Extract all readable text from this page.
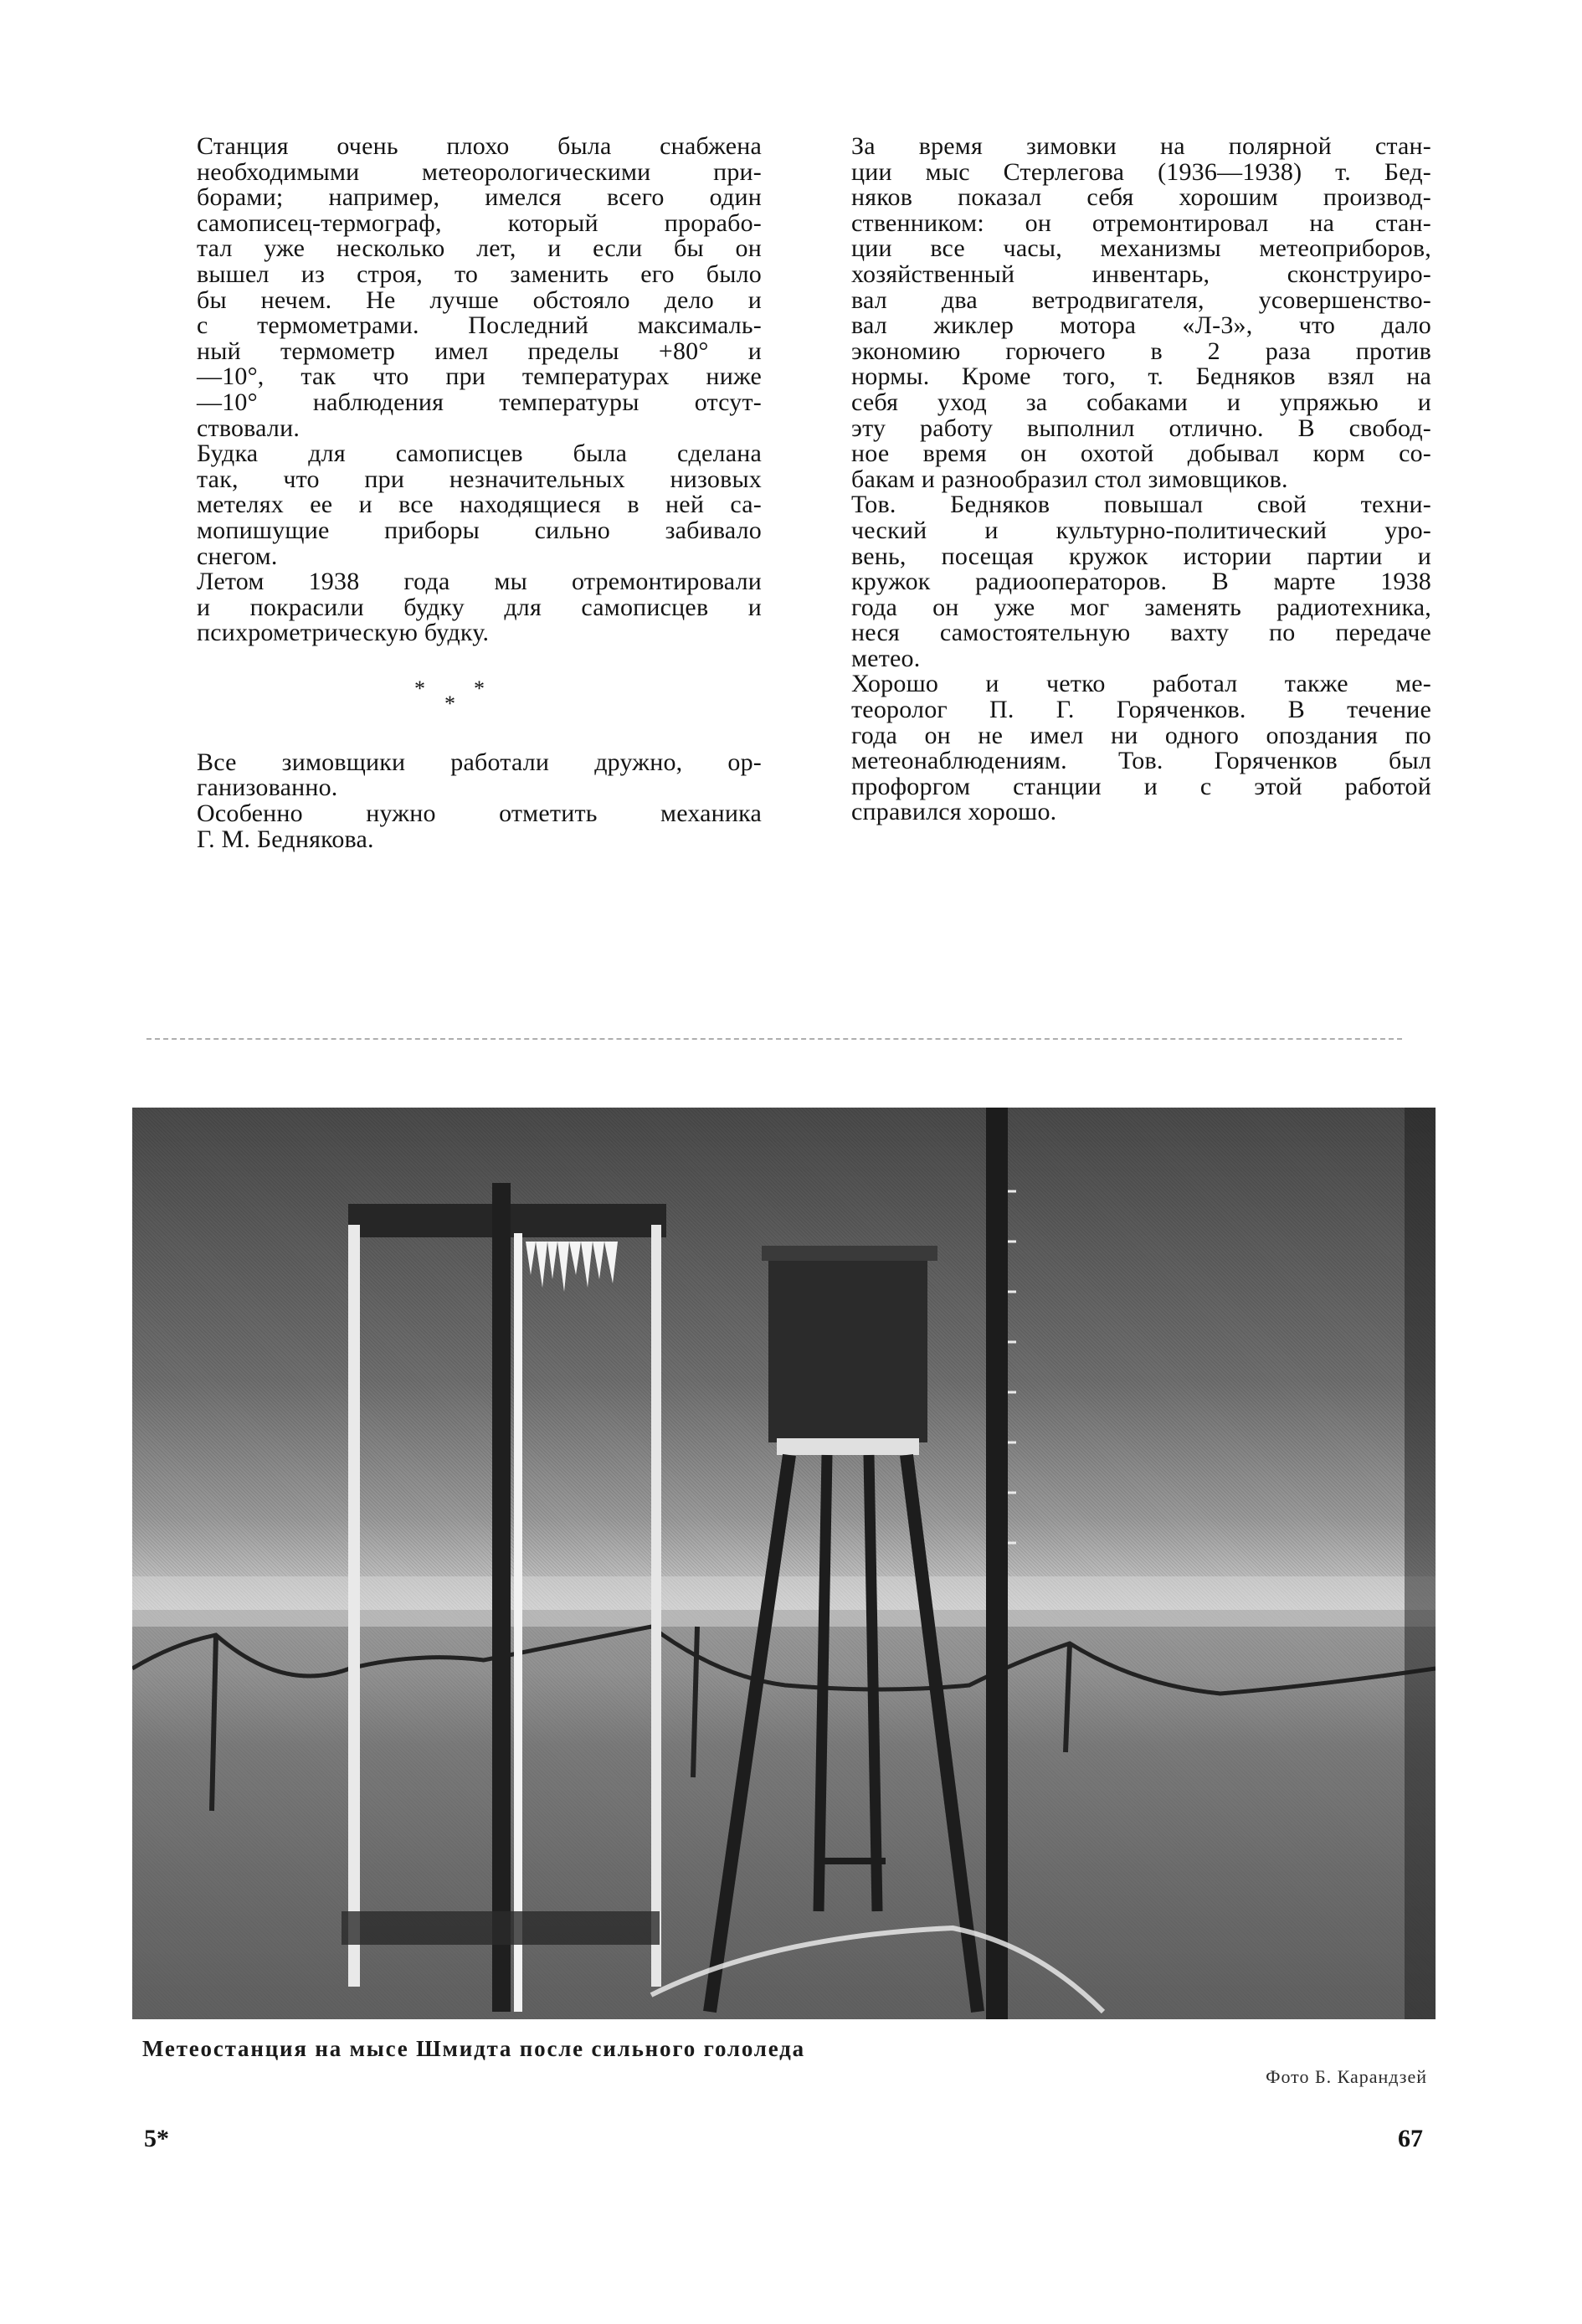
Станция очень плохо была снабжена
необходимыми метеорологическими при-
борами; например, имелся всего один
самописец-термограф, который прорабо-
тал уже несколько лет, и если бы он
вышел из строя, то заменить его было
бы нечем. Не лучше обстояло дело и
с термометрами. Последний максималь-
ный термометр имел пределы +80° и
—10°, так что при температурах ниже
—10° наблюдения температуры отсут-
ствовали.

Будка для самописцев была сделана
так, что при незначительных низовых
метелях ее и все находящиеся в ней са-
мопишущие приборы сильно забивало
снегом.

Летом 1938 года мы отремонтировали
и покрасили будку для самописцев и
психрометрическую будку.

*
*
*

Все зимовщики работали дружно, ор-
ганизованно.

Особенно нужно отметить механика
Г. М. Беднякова.

За время зимовки на полярной стан-
ции мыс Стерлегова (1936—1938) т. Бед-
няков показал себя хорошим производ-
ственником: он отремонтировал на стан-
ции все часы, механизмы метеоприборов,
хозяйственный инвентарь, сконструиро-
вал два ветродвигателя, усовершенство-
вал жиклер мотора «Л-3», что дало
экономию горючего в 2 раза против
нормы. Кроме того, т. Бедняков взял на
себя уход за собаками и упряжью и
эту работу выполнил отлично. В свобод-
ное время он охотой добывал корм со-
бакам и разнообразил стол зимовщиков.

Тов. Бедняков повышал свой техни-
ческий и культурно-политический уро-
вень, посещая кружок истории партии и
кружок радиооператоров. В марте 1938
года он уже мог заменять радиотехника,
неся самостоятельную вахту по передаче
метео.

Хорошо и четко работал также ме-
теоролог П. Г. Горяченков. В течение
года он не имел ни одного опоздания по
метеонаблюдениям. Тов. Горяченков был
профоргом станции и с этой работой
справился хорошо.

Метеостанция на мысе Шмидта после сильного гололеда
Фото Б. Карандзей
5*	67
